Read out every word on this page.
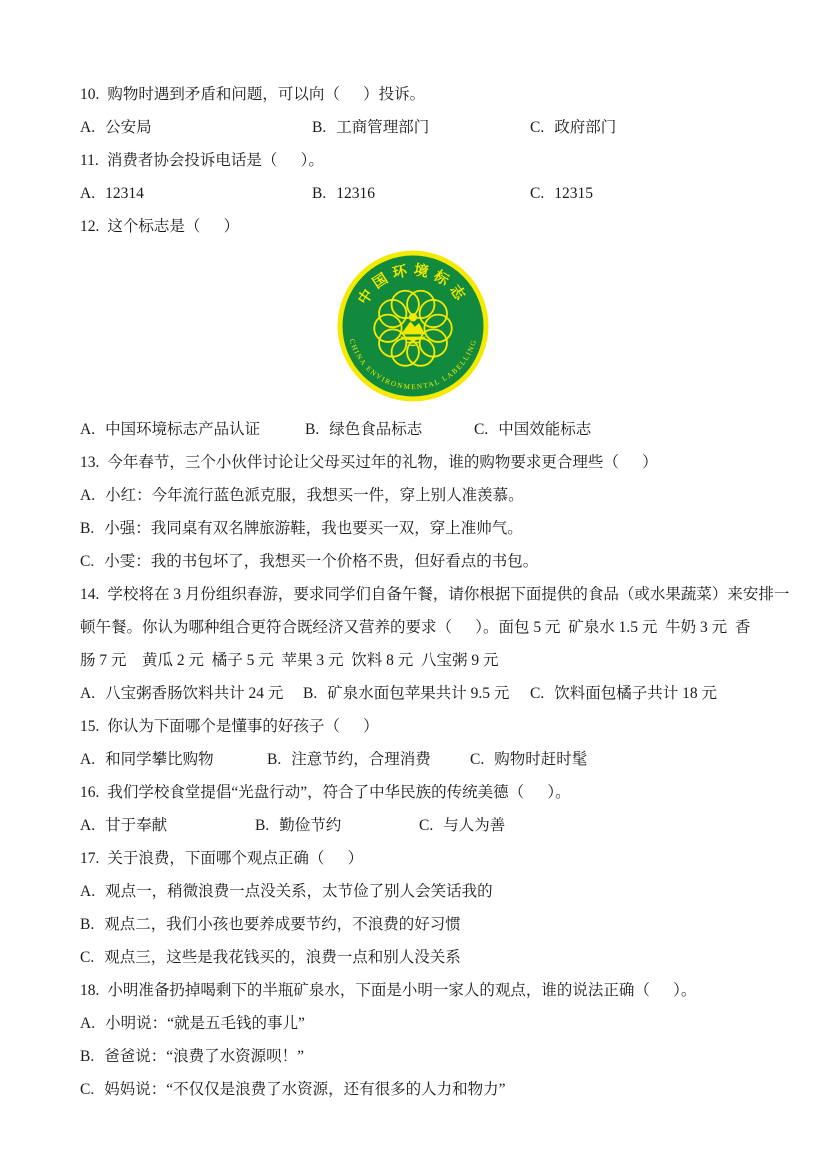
10. 购物时遇到矛盾和问题，可以向（      ）投诉。
A. 公安局	B. 工商管理部门	C. 政府部门
11. 消费者协会投诉电话是（      ）。
A. 12314	B. 12316	C. 12315
12. 这个标志是（      ）
中国环境标志
CHINA ENVIRONMENTAL LABELLING
A. 中国环境标志产品认证	B. 绿色食品标志	C. 中国效能标志
13. 今年春节，三个小伙伴讨论让父母买过年的礼物，谁的购物要求更合理些（      ）
A. 小红：今年流行蓝色派克服，我想买一件，穿上别人准羡慕。
B. 小强：我同桌有双名牌旅游鞋，我也要买一双，穿上准帅气。
C. 小雯：我的书包坏了，我想买一个价格不贵，但好看点的书包。
14. 学校将在 3 月份组织春游，要求同学们自备午餐，请你根据下面提供的食品（或水果蔬菜）来安排一
顿午餐。你认为哪种组合更符合既经济又营养的要求（      ）。面包 5 元  矿泉水 1.5 元  牛奶 3 元  香
肠 7 元    黄瓜 2 元  橘子 5 元  苹果 3 元  饮料 8 元  八宝粥 9 元
A. 八宝粥香肠饮料共计 24 元 B. 矿泉水面包苹果共计 9.5 元 C. 饮料面包橘子共计 18 元
15. 你认为下面哪个是懂事的好孩子（      ）
A. 和同学攀比购物	B. 注意节约，合理消费	C. 购物时赶时髦
16. 我们学校食堂提倡“光盘行动”，符合了中华民族的传统美德（      ）。
A. 甘于奉献	B. 勤俭节约	C. 与人为善
17. 关于浪费，下面哪个观点正确（      ）
A. 观点一，稍微浪费一点没关系，太节俭了别人会笑话我的
B. 观点二，我们小孩也要养成要节约，不浪费的好习惯
C. 观点三，这些是我花钱买的，浪费一点和别人没关系
18. 小明准备扔掉喝剩下的半瓶矿泉水，下面是小明一家人的观点，谁的说法正确（      ）。
A. 小明说：“就是五毛钱的事儿”
B. 爸爸说：“浪费了水资源呗！”
C. 妈妈说：“不仅仅是浪费了水资源，还有很多的人力和物力”
